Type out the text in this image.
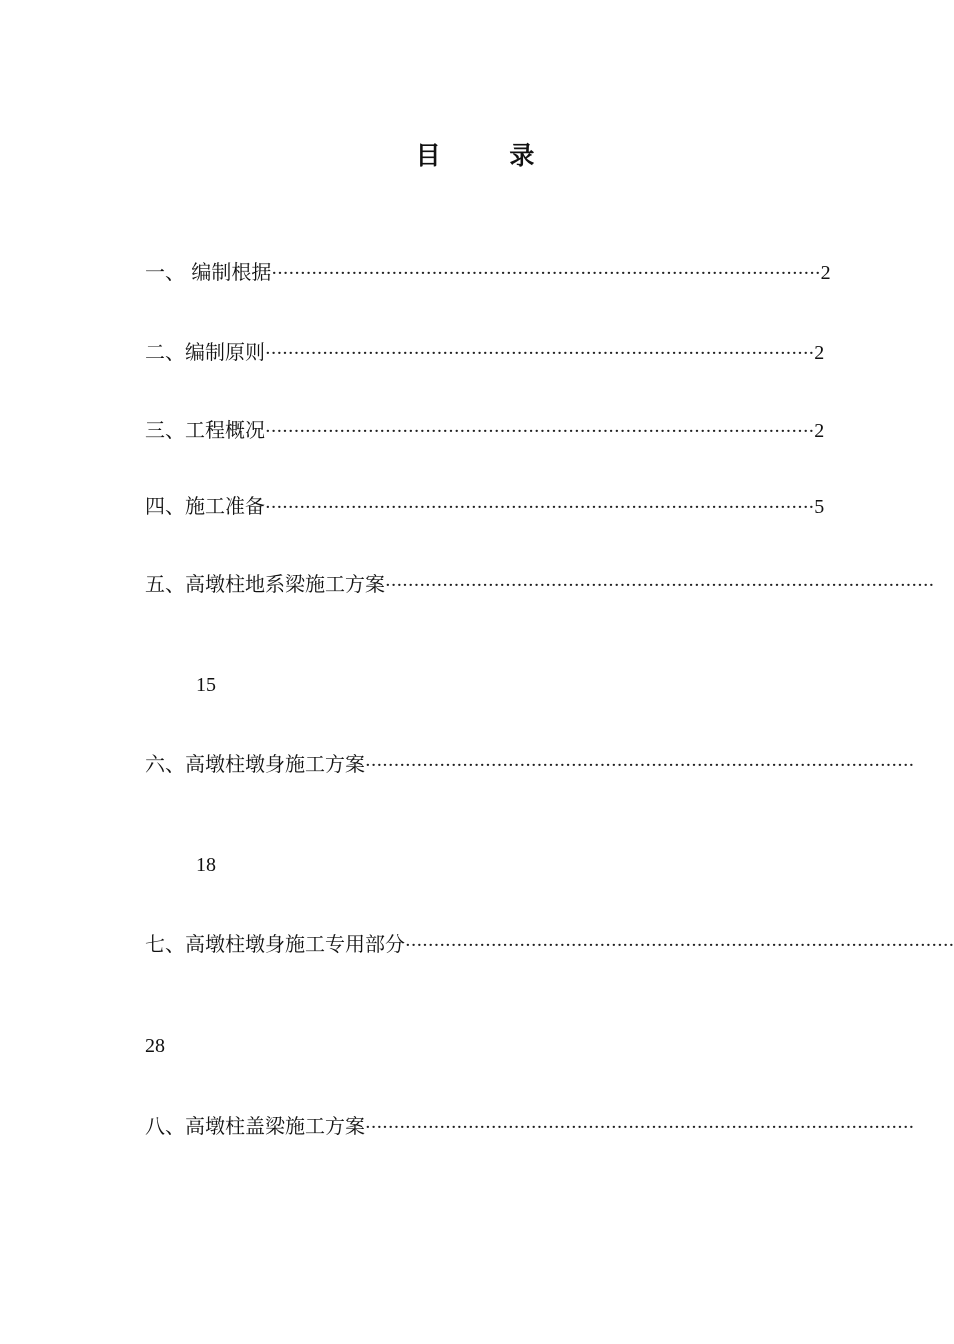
目 录
一、 编制根据 ································································································ 2
二、编制原则 ································································································ 2
三、工程概况 ································································································ 2
四、施工准备 ································································································ 5
五、高墩柱地系梁施工方案 ································································································
15
六、高墩柱墩身施工方案 ································································································
18
七、高墩柱墩身施工专用部分 ································································································
28
八、高墩柱盖梁施工方案 ································································································
